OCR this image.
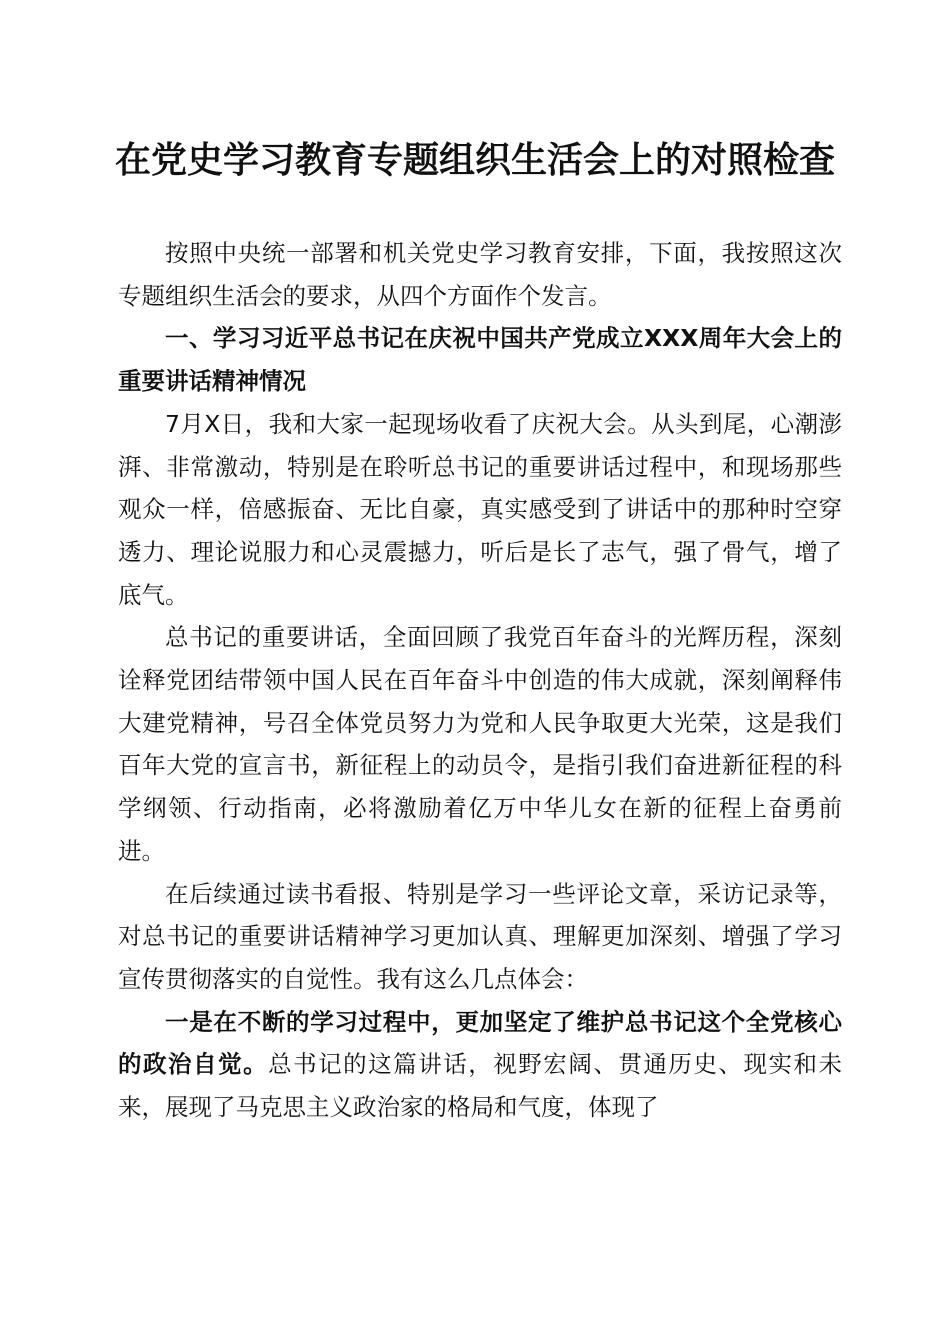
在党史学习教育专题组织生活会上的对照检查

按照中央统一部署和机关党史学习教育安排，下面，我按照这次专题组织生活会的要求，从四个方面作个发言。

一、学习习近平总书记在庆祝中国共产党成立XXX周年大会上的重要讲话精神情况

7月X日，我和大家一起现场收看了庆祝大会。从头到尾，心潮澎湃、非常激动，特别是在聆听总书记的重要讲话过程中，和现场那些观众一样，倍感振奋、无比自豪，真实感受到了讲话中的那种时空穿透力、理论说服力和心灵震撼力，听后是长了志气，强了骨气，增了底气。

总书记的重要讲话，全面回顾了我党百年奋斗的光辉历程，深刻诠释党团结带领中国人民在百年奋斗中创造的伟大成就，深刻阐释伟大建党精神，号召全体党员努力为党和人民争取更大光荣，这是我们百年大党的宣言书，新征程上的动员令，是指引我们奋进新征程的科学纲领、行动指南，必将激励着亿万中华儿女在新的征程上奋勇前进。

在后续通过读书看报、特别是学习一些评论文章，采访记录等，对总书记的重要讲话精神学习更加认真、理解更加深刻、增强了学习宣传贯彻落实的自觉性。我有这么几点体会：

一是在不断的学习过程中，更加坚定了维护总书记这个全党核心的政治自觉。总书记的这篇讲话，视野宏阔、贯通历史、现实和未来，展现了马克思主义政治家的格局和气度，体现了
